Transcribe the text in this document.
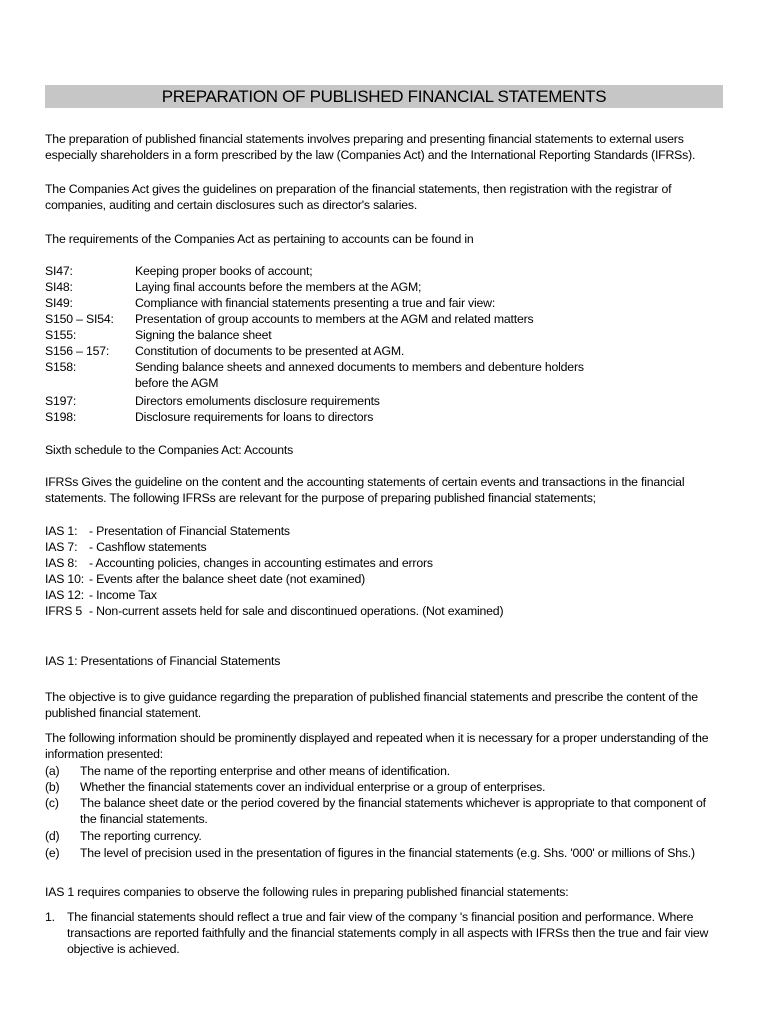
PREPARATION OF PUBLISHED FINANCIAL STATEMENTS

The preparation of published financial statements involves preparing and presenting financial statements to external users especially shareholders in a form prescribed by the law (Companies Act) and the International Reporting Standards (IFRSs).

The Companies Act gives the guidelines on preparation of the financial statements, then registration with the registrar of companies, auditing and certain disclosures such as director's salaries.

The requirements of the Companies Act as pertaining to accounts can be found in

SI47:	Keeping proper books of account;
SI48:	Laying final accounts before the members at the AGM;
SI49:	Compliance with financial statements presenting a true and fair view:
S150 – SI54: Presentation of group accounts to members at the AGM and related matters
S155:	Signing the balance sheet
S156 – 157: Constitution of documents to be presented at AGM.
S158:	Sending balance sheets and annexed documents to members and debenture holders before the AGM
S197:	Directors emoluments disclosure requirements
S198:	Disclosure requirements for loans to directors

Sixth schedule to the Companies Act: Accounts

IFRSs Gives the guideline on the content and the accounting statements of certain events and transactions in the financial statements. The following IFRSs are relevant for the purpose of preparing published financial statements;

IAS 1: - Presentation of Financial Statements
IAS 7: - Cashflow statements
IAS 8: - Accounting policies, changes in accounting estimates and errors
IAS 10: - Events after the balance sheet date (not examined)
IAS 12: - Income Tax
IFRS 5 - Non-current assets held for sale and discontinued operations. (Not examined)

IAS 1: Presentations of Financial Statements

The objective is to give guidance regarding the preparation of published financial statements and prescribe the content of the published financial statement.

The following information should be prominently displayed and repeated when it is necessary for a proper understanding of the information presented:

(a) The name of the reporting enterprise and other means of identification.
(b) Whether the financial statements cover an individual enterprise or a group of enterprises.
(c) The balance sheet date or the period covered by the financial statements whichever is appropriate to that component of the financial statements.
(d) The reporting currency.
(e) The level of precision used in the presentation of figures in the financial statements (e.g. Shs. '000' or millions of Shs.)

IAS 1 requires companies to observe the following rules in preparing published financial statements:

1. The financial statements should reflect a true and fair view of the company 's financial position and performance. Where transactions are reported faithfully and the financial statements comply in all aspects with IFRSs then the true and fair view objective is achieved.
